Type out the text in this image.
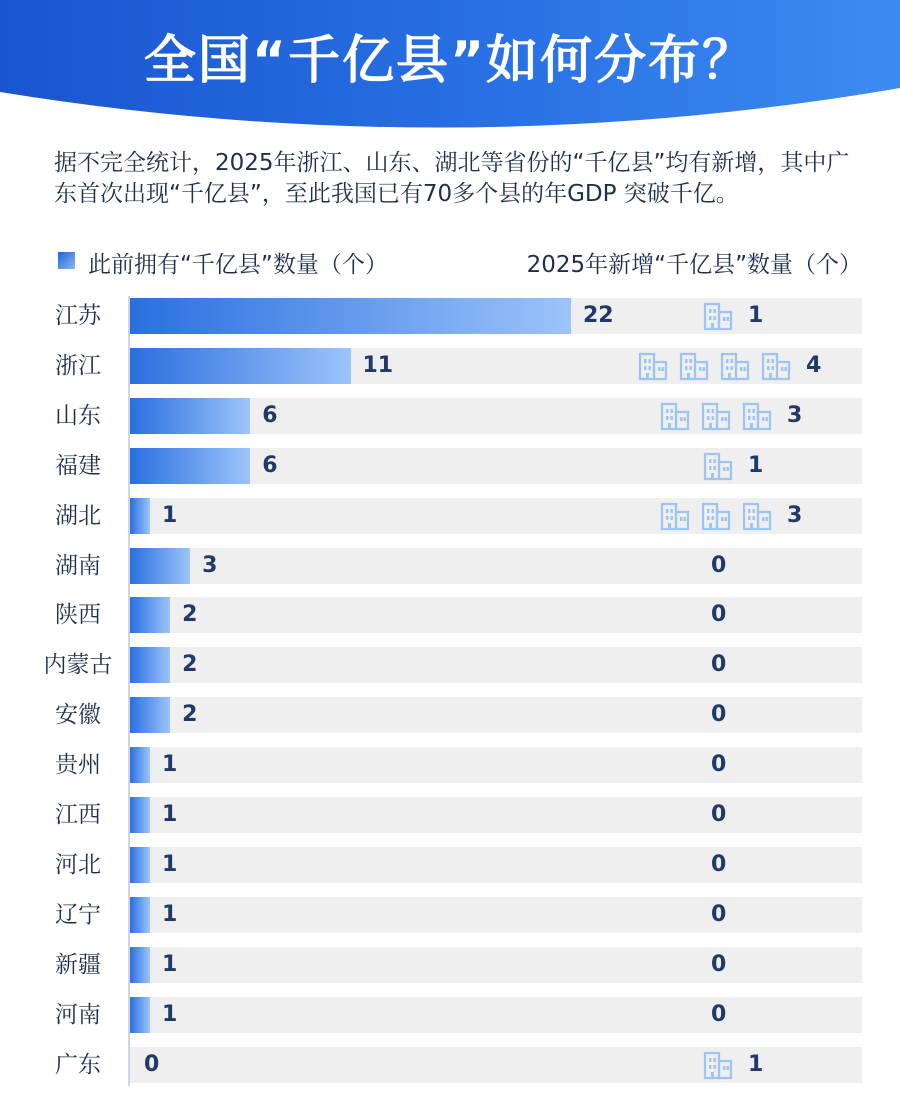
全国“千亿县”如何分布？
据不完全统计，2025年浙江、山东、湖北等省份的“千亿县”均有新增，其中广东首次出现“千亿县”，至此我国已有70多个县的年GDP 突破千亿。
此前拥有“千亿县”数量（个）	2025年新增“千亿县”数量（个）
江苏	22	1
浙江	11	4
山东	6	3
福建	6	1
湖北	1	3
湖南	3	0
陕西	2	0
内蒙古	2	0
安徽	2	0
贵州	1	0
江西	1	0
河北	1	0
辽宁	1	0
新疆	1	0
河南	1	0
广东	0	1
